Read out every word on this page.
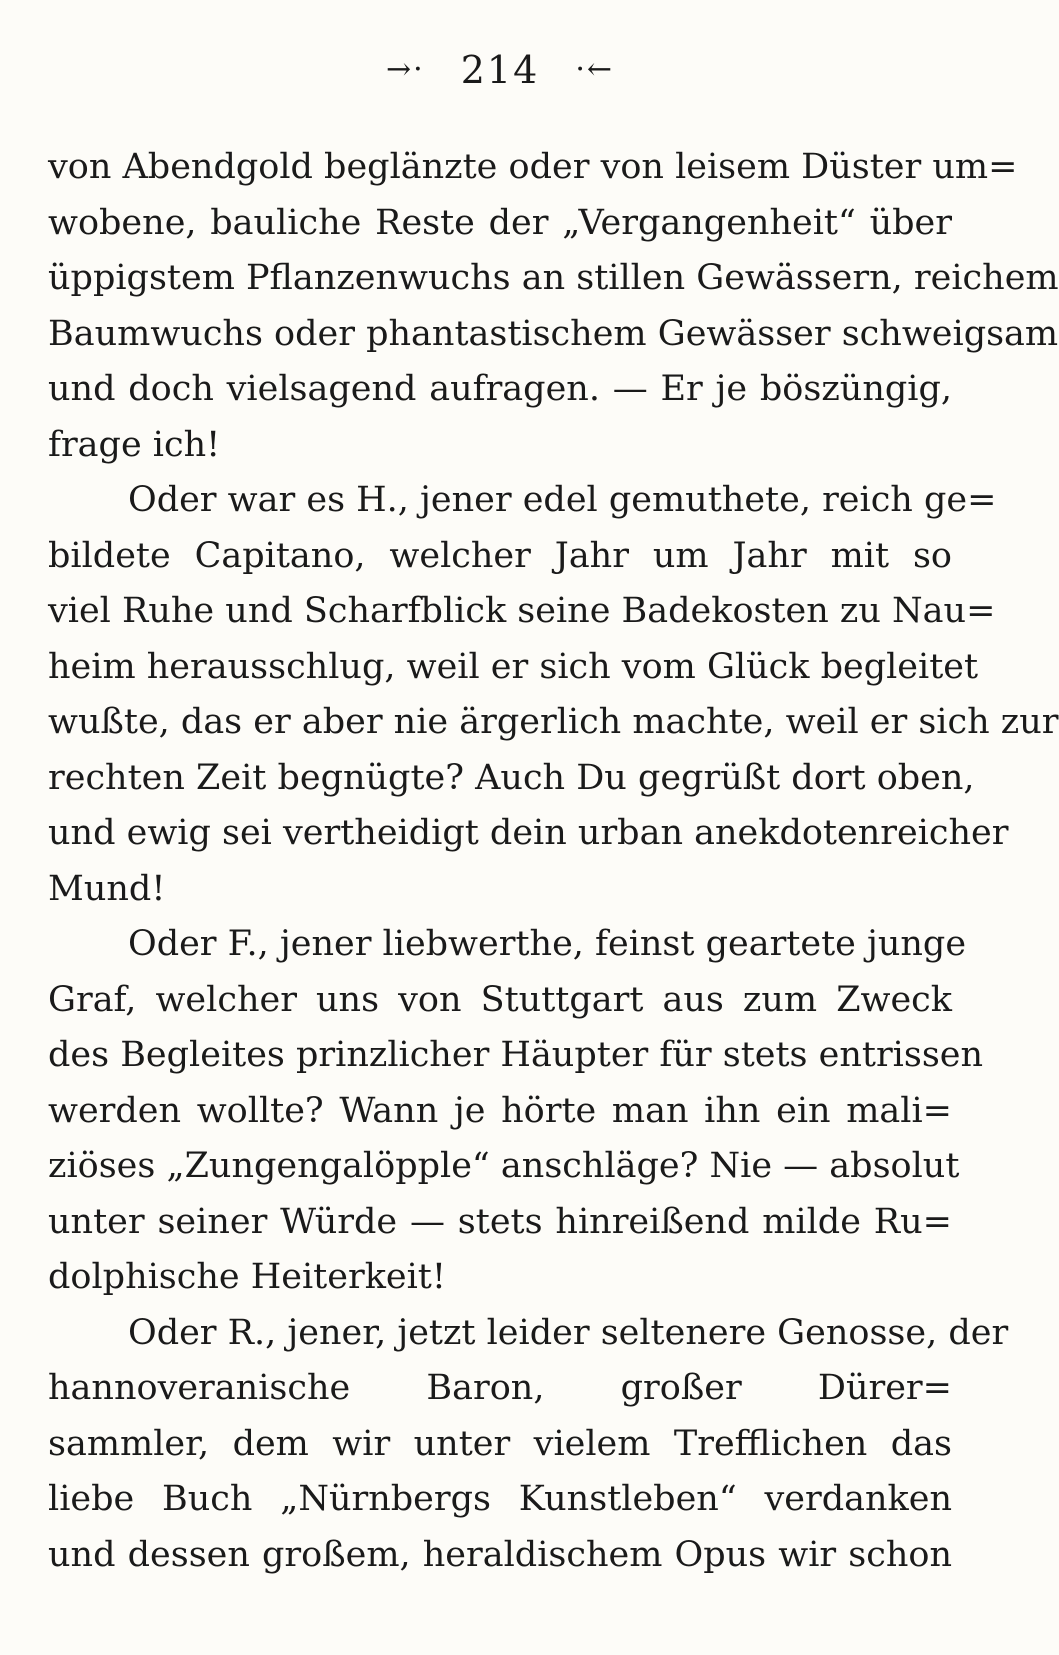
→· 214 ·←
von Abendgold beglänzte oder von leisem Düster um=
wobene, bauliche Reste der „Vergangenheit“ über
üppigstem Pflanzenwuchs an stillen Gewässern, reichem
Baumwuchs oder phantastischem Gewässer schweigsam
und doch vielsagend aufragen. — Er je böszüngig,
frage ich!
Oder war es H., jener edel gemuthete, reich ge=
bildete Capitano, welcher Jahr um Jahr mit so
viel Ruhe und Scharfblick seine Badekosten zu Nau=
heim herausschlug, weil er sich vom Glück begleitet
wußte, das er aber nie ärgerlich machte, weil er sich zur
rechten Zeit begnügte? Auch Du gegrüßt dort oben,
und ewig sei vertheidigt dein urban anekdotenreicher
Mund!
Oder F., jener liebwerthe, feinst geartete junge
Graf, welcher uns von Stuttgart aus zum Zweck
des Begleites prinzlicher Häupter für stets entrissen
werden wollte? Wann je hörte man ihn ein mali=
ziöses „Zungengalöpple“ anschläge? Nie — absolut
unter seiner Würde — stets hinreißend milde Ru=
dolphische Heiterkeit!
Oder R., jener, jetzt leider seltenere Genosse, der
hannoveranische Baron, großer Dürer=
sammler, dem wir unter vielem Trefflichen das
liebe Buch „Nürnbergs Kunstleben“ verdanken
und dessen großem, heraldischem Opus wir schon
